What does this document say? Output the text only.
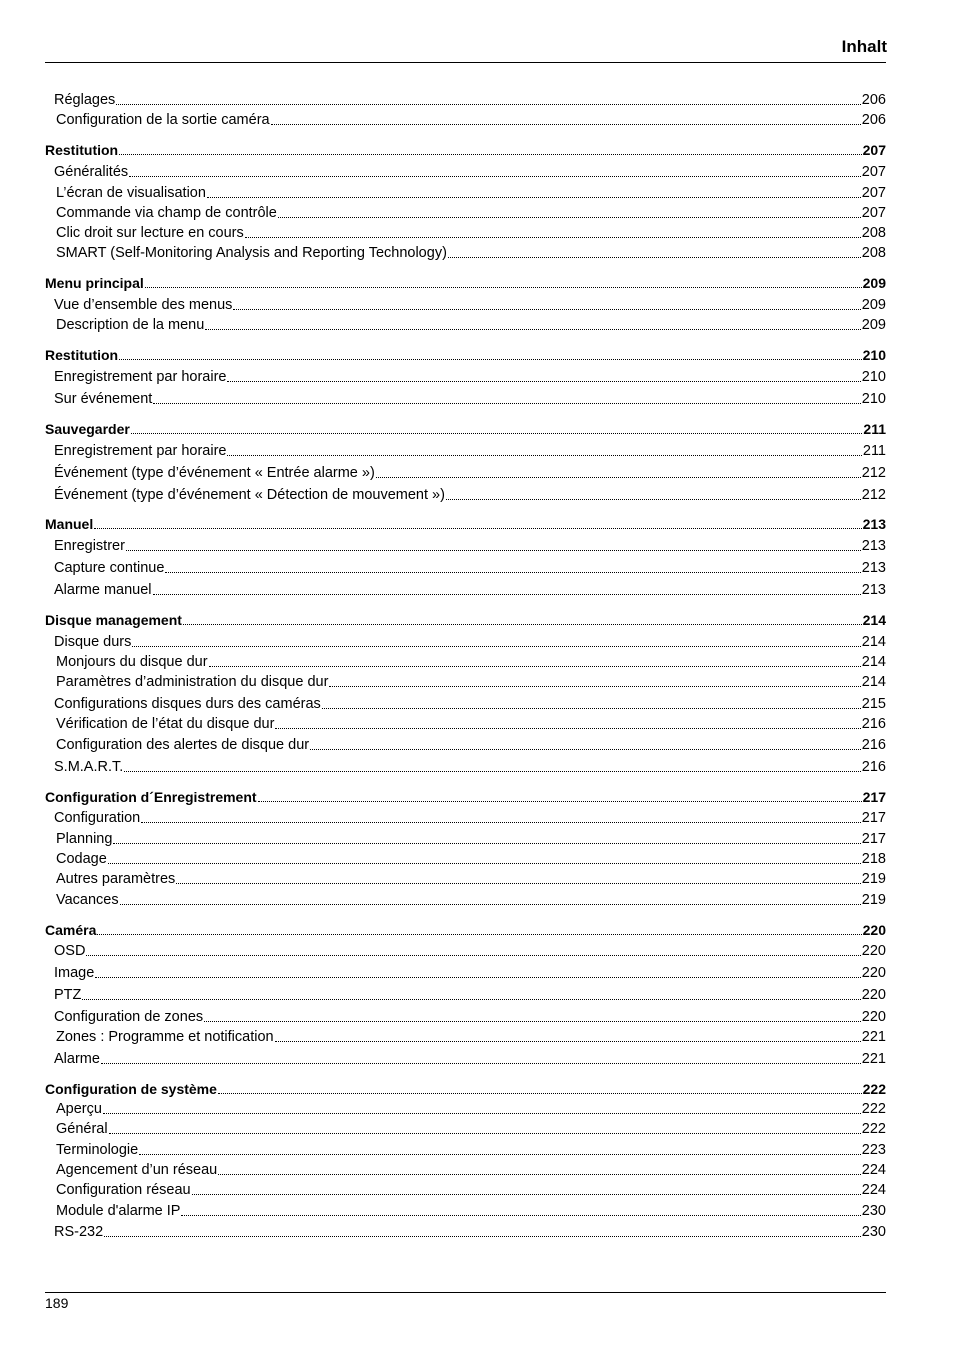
Inhalt
Réglages	206
Configuration de la sortie caméra	206
Restitution	207
Généralités	207
L’écran de visualisation	207
Commande via champ de contrôle	207
Clic droit sur lecture en cours	208
SMART (Self-Monitoring Analysis and Reporting Technology)	208
Menu principal	209
Vue d’ensemble des menus	209
Description de la menu	209
Restitution	210
Enregistrement par horaire	210
Sur événement	210
Sauvegarder	211
Enregistrement par horaire	211
Événement (type d’événement « Entrée alarme »)	212
Événement (type d’événement « Détection de mouvement »)	212
Manuel	213
Enregistrer	213
Capture continue	213
Alarme manuel	213
Disque management	214
Disque durs	214
Monjours du disque dur	214
Paramètres d’administration du disque dur	214
Configurations disques durs des caméras	215
Vérification de l’état du disque dur	216
Configuration des alertes de disque dur	216
S.M.A.R.T.	216
Configuration d´Enregistrement	217
Configuration	217
Planning	217
Codage	218
Autres paramètres	219
Vacances	219
Caméra	220
OSD	220
Image	220
PTZ	220
Configuration de zones	220
Zones : Programme et notification	221
Alarme	221
Configuration de système	222
Aperçu	222
Général	222
Terminologie	223
Agencement d’un réseau	224
Configuration réseau	224
Module d'alarme IP	230
RS-232	230
189
